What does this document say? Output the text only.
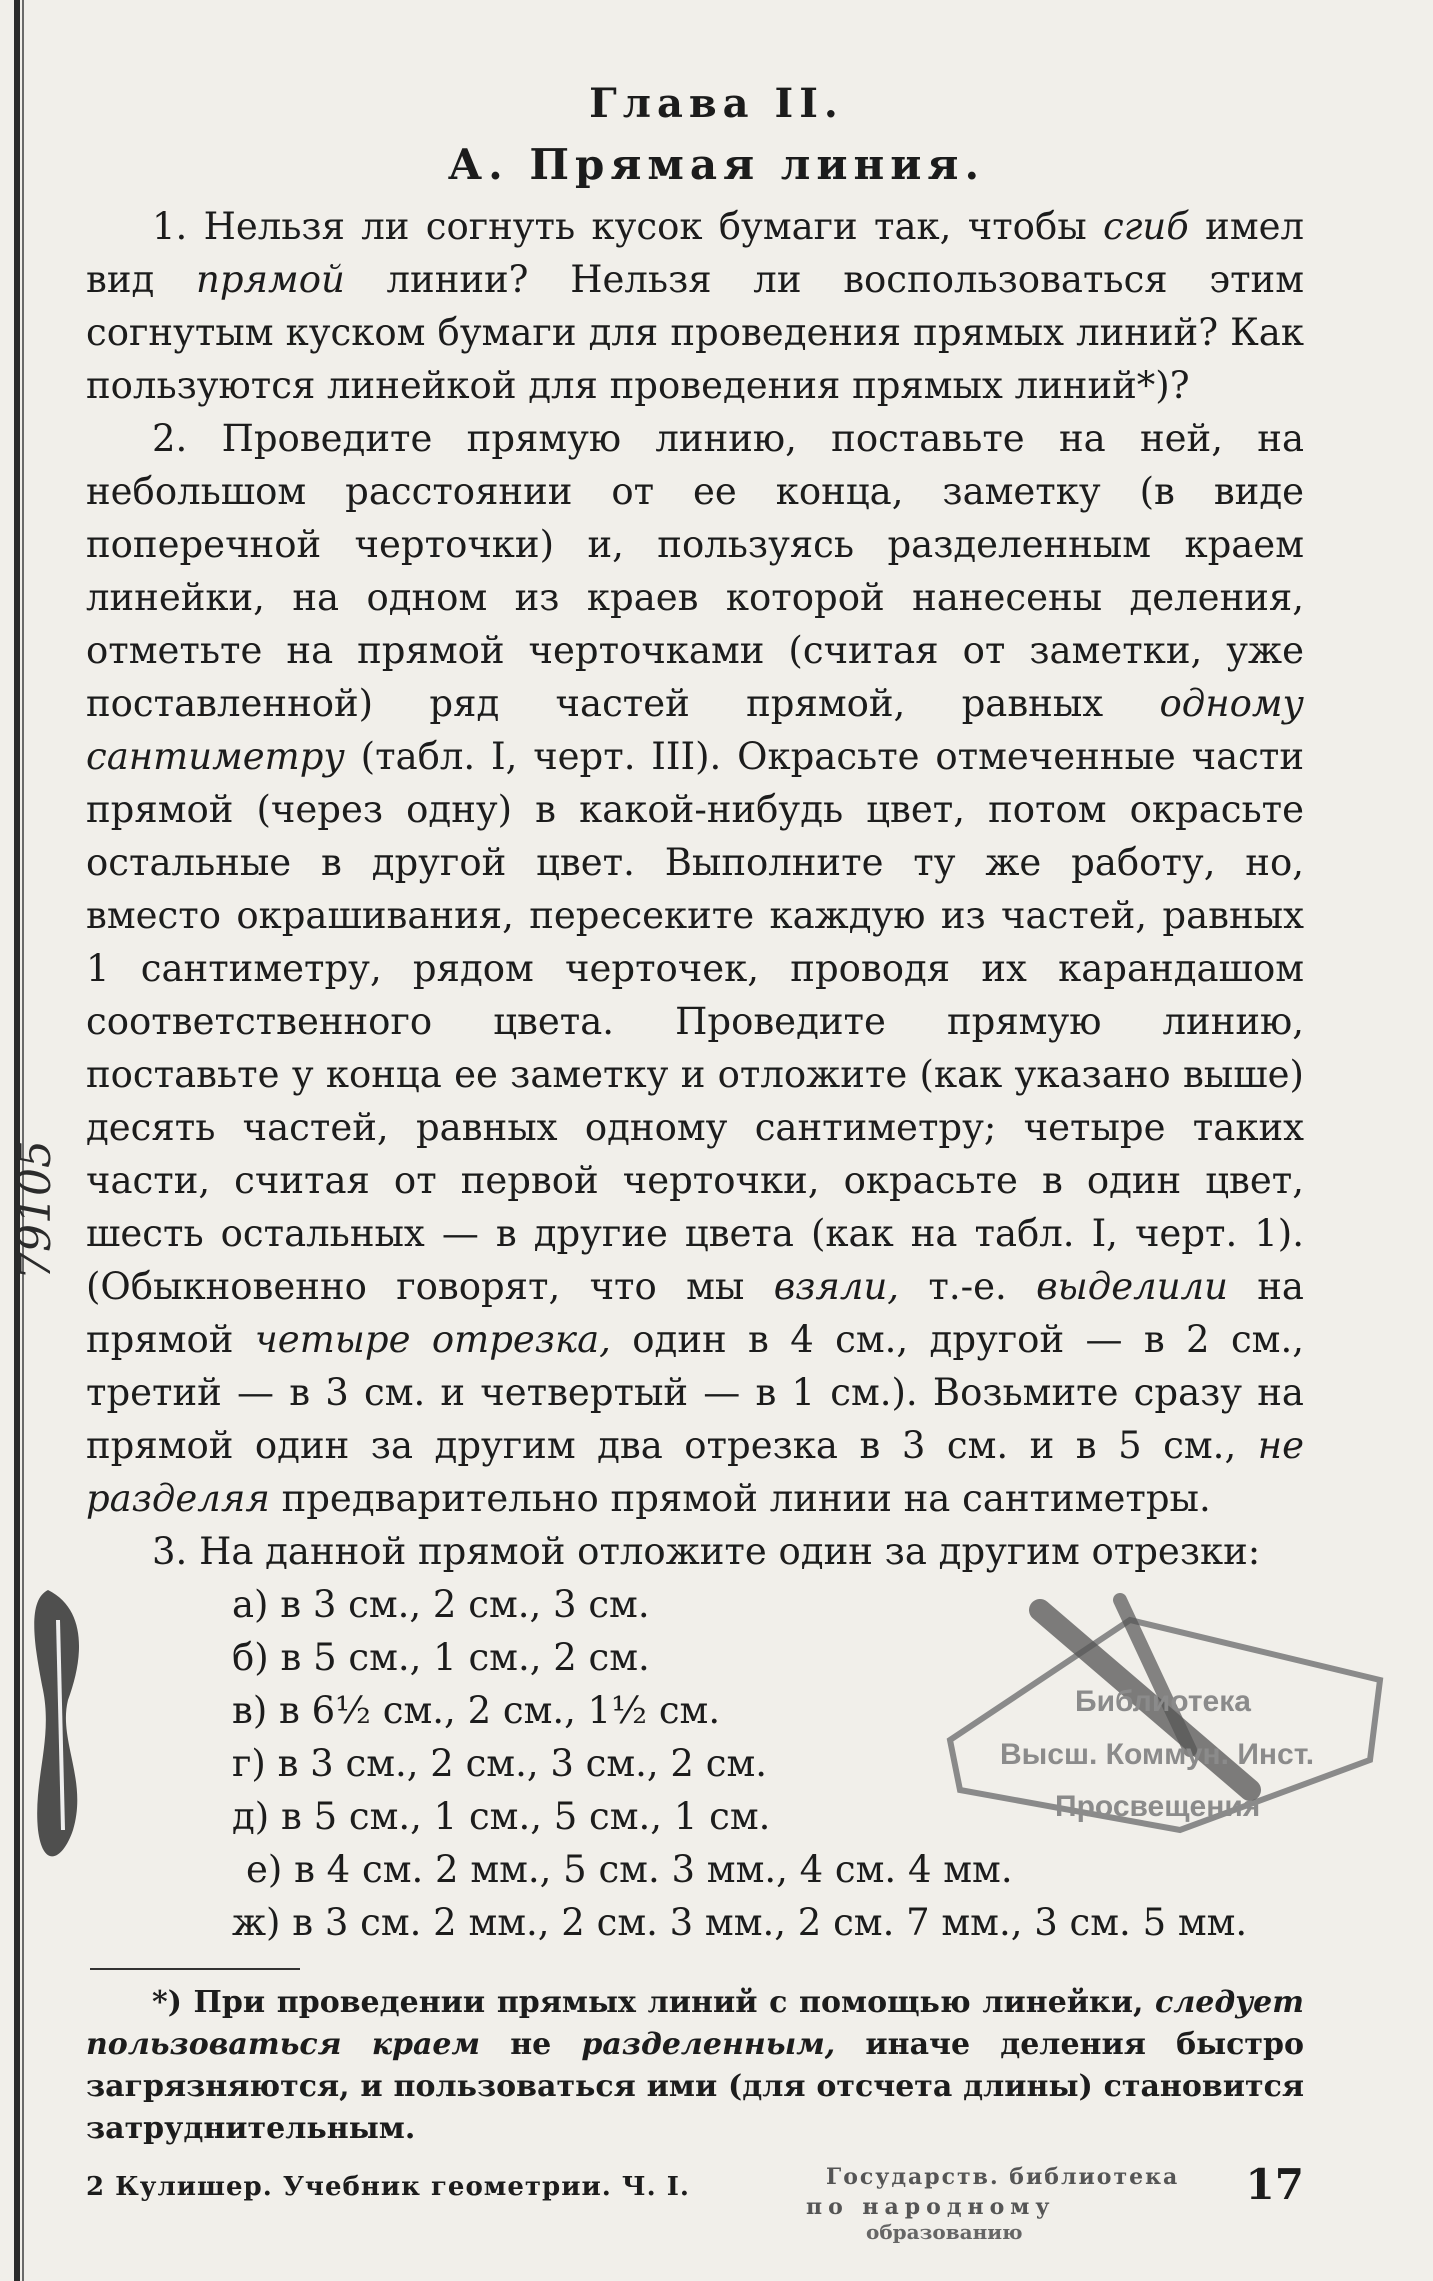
Глава II.
А. Прямая линия.

1. Нельзя ли согнуть кусок бумаги так, чтобы сгиб имел вид прямой линии? Нельзя ли воспользоваться этим согнутым куском бумаги для проведения прямых линий? Как пользуются линейкой для проведения прямых линий*)?

2. Проведите прямую линию, поставьте на ней, на небольшом расстоянии от ее конца, заметку (в виде поперечной черточки) и, пользуясь разделенным краем линейки, на одном из краев которой нанесены деления, отметьте на прямой черточками (считая от заметки, уже поставленной) ряд частей прямой, равных одному сантиметру (табл. I, черт. III). Окрасьте отмеченные части прямой (через одну) в какой-нибудь цвет, потом окрасьте остальные в другой цвет. Выполните ту же работу, но, вместо окрашивания, пересеките каждую из частей, равных 1 сантиметру, рядом черточек, проводя их карандашом соответственного цвета. Проведите прямую линию, поставьте у конца ее заметку и отложите (как указано выше) десять частей, равных одному сантиметру; четыре таких части, считая от первой черточки, окрасьте в один цвет, шесть остальных — в другие цвета (как на табл. I, черт. 1). (Обыкновенно говорят, что мы взяли, т.-е. выделили на прямой четыре отрезка, один в 4 см., другой — в 2 см., третий — в 3 см. и четвертый — в 1 см.). Возьмите сразу на прямой один за другим два отрезка в 3 см. и в 5 см., не разделяя предварительно прямой линии на сантиметры.

3. На данной прямой отложите один за другим отрезки:

а) в 3 см., 2 см., 3 см.

б) в 5 см., 1 см., 2 см.

в) в 6½ см., 2 см., 1½ см.

г) в 3 см., 2 см., 3 см., 2 см.

д) в 5 см., 1 см., 5 см., 1 см.

е) в 4 см. 2 мм., 5 см. 3 мм., 4 см. 4 мм.

ж) в 3 см. 2 мм., 2 см. 3 мм., 2 см. 7 мм., 3 см. 5 мм.

*) При проведении прямых линий с помощью линейки, следует пользоваться краем не разделенным, иначе деления быстро загрязняются, и пользоваться ими (для отсчета длины) становится затруднительным.
2 Кулишер. Учебник геометрии. Ч. I.	Государств. библиотека
по народному
образованию
17
Библиотека
Высш. Коммун. Инст.
Просвещения
79105
